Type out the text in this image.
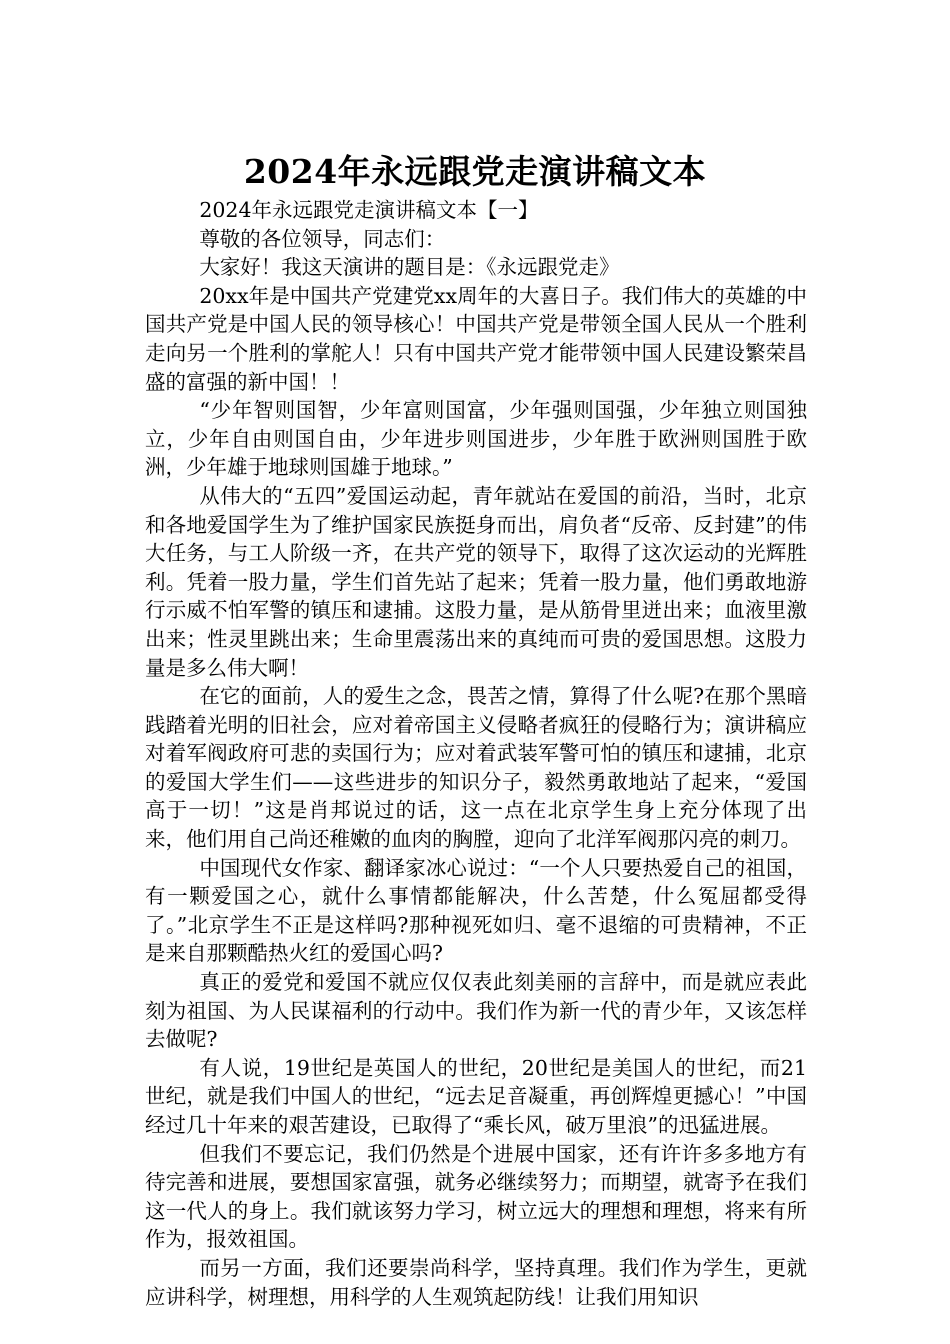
2024年永远跟党走演讲稿文本

2024年永远跟党走演讲稿文本【一】

尊敬的各位领导，同志们：

大家好！我这天演讲的题目是：《永远跟党走》

20xx年是中国共产党建党xx周年的大喜日子。我们伟大的英雄的中国共产党是中国人民的领导核心！中国共产党是带领全国人民从一个胜利走向另一个胜利的掌舵人！只有中国共产党才能带领中国人民建设繁荣昌盛的富强的新中国！！

“少年智则国智，少年富则国富，少年强则国强，少年独立则国独立，少年自由则国自由，少年进步则国进步，少年胜于欧洲则国胜于欧洲，少年雄于地球则国雄于地球。”

从伟大的“五四”爱国运动起，青年就站在爱国的前沿，当时，北京和各地爱国学生为了维护国家民族挺身而出，肩负者“反帝、反封建”的伟大任务，与工人阶级一齐，在共产党的领导下，取得了这次运动的光辉胜利。凭着一股力量，学生们首先站了起来；凭着一股力量，他们勇敢地游行示威不怕军警的镇压和逮捕。这股力量，是从筋骨里迸出来；血液里激出来；性灵里跳出来；生命里震荡出来的真纯而可贵的爱国思想。这股力量是多么伟大啊！

在它的面前，人的爱生之念，畏苦之情，算得了什么呢?在那个黑暗践踏着光明的旧社会，应对着帝国主义侵略者疯狂的侵略行为；演讲稿应对着军阀政府可悲的卖国行为；应对着武装军警可怕的镇压和逮捕，北京的爱国大学生们——这些进步的知识分子，毅然勇敢地站了起来，“爱国高于一切！”这是肖邦说过的话，这一点在北京学生身上充分体现了出来，他们用自己尚还稚嫩的血肉的胸膛，迎向了北洋军阀那闪亮的刺刀。

中国现代女作家、翻译家冰心说过：“一个人只要热爱自己的祖国，有一颗爱国之心，就什么事情都能解决，什么苦楚，什么冤屈都受得了。”北京学生不正是这样吗?那种视死如归、毫不退缩的可贵精神，不正是来自那颗酷热火红的爱国心吗?

真正的爱党和爱国不就应仅仅表此刻美丽的言辞中，而是就应表此刻为祖国、为人民谋福利的行动中。我们作为新一代的青少年，又该怎样去做呢?

有人说，19世纪是英国人的世纪，20世纪是美国人的世纪，而21世纪，就是我们中国人的世纪，“远去足音凝重，再创辉煌更撼心！”中国经过几十年来的艰苦建设，已取得了“乘长风，破万里浪”的迅猛进展。

但我们不要忘记，我们仍然是个进展中国家，还有许许多多地方有待完善和进展，要想国家富强，就务必继续努力；而期望，就寄予在我们这一代人的身上。我们就该努力学习，树立远大的理想和理想，将来有所作为，报效祖国。

而另一方面，我们还要崇尚科学，坚持真理。我们作为学生，更就应讲科学，树理想，用科学的人生观筑起防线！让我们用知识
